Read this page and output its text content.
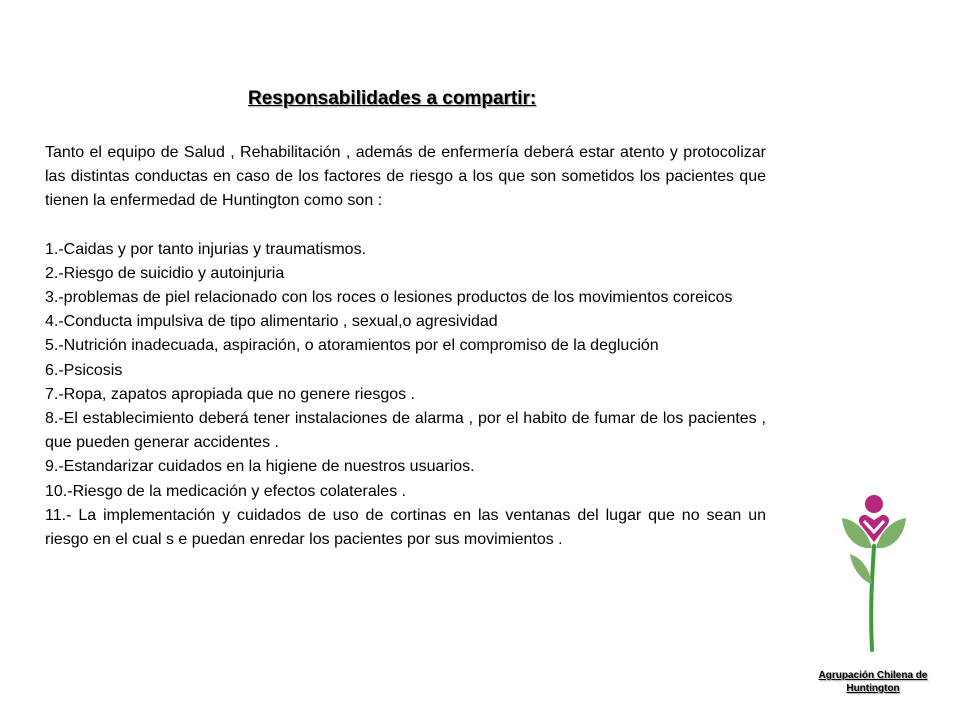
Responsabilidades a compartir:

Tanto el equipo de Salud , Rehabilitación , además de enfermería deberá estar atento y protocolizar las distintas conductas en caso de los factores de riesgo a los que son sometidos los pacientes que tienen la enfermedad de Huntington como son :

1.-Caidas y por tanto injurias y traumatismos.
2.-Riesgo de suicidio y autoinjuria
3.-problemas de piel relacionado con los roces o lesiones productos de los movimientos coreicos
4.-Conducta impulsiva de tipo alimentario , sexual,o agresividad
5.-Nutrición inadecuada, aspiración, o atoramientos por el compromiso de la deglución
6.-Psicosis
7.-Ropa, zapatos apropiada que no genere riesgos .
8.-El establecimiento deberá tener instalaciones de alarma , por el habito de fumar de los pacientes , que pueden generar accidentes .
9.-Estandarizar cuidados en la higiene de nuestros usuarios.
10.-Riesgo de la medicación y efectos colaterales .
11.- La implementación y cuidados de uso de cortinas en las ventanas del lugar que no sean un riesgo en el cual s e puedan enredar los pacientes por sus movimientos .
Agrupación Chilena de Huntington
